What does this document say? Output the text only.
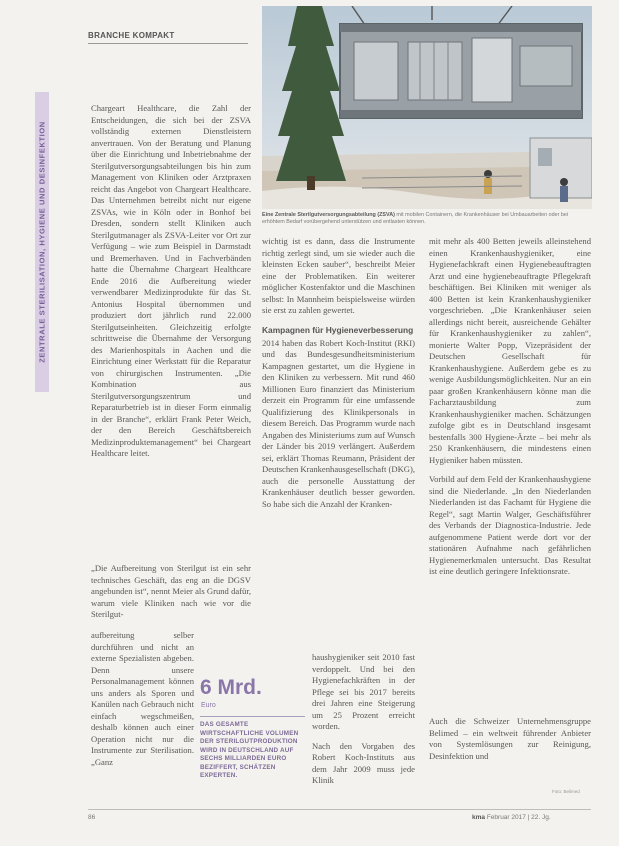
BRANCHE KOMPAKT
ZENTRALE STERILISATION, HYGIENE UND DESINFEKTION	Eine Zentrale Sterilgutversorgungsabteilung (ZSVA) mit mobilen Containern, die Krankenhäuser bei Umbauarbeiten oder bei erhöhtem Bedarf vorübergehend unterstützen und entlasten können.

Chargeart Healthcare, die Zahl der Entscheidungen, die sich bei der ZSVA vollständig externen Dienstleistern anvertrauen. Von der Beratung und Planung über die Einrichtung und Inbetriebnahme der Sterilgutversorgungsabteilungen bis hin zum Management von Kliniken oder Arztpraxen reicht das Angebot von Chargeart Healthcare. Das Unternehmen betreibt nicht nur eigene ZSVAs, wie in Köln oder in Bonhof bei Dresden, sondern stellt Kliniken auch Sterilgutmanager als ZSVA-Leiter vor Ort zur Verfügung – wie zum Beispiel in Darmstadt und Bremerhaven. Und in Fachverbänden hatte die Übernahme Chargeart Healthcare Ende 2016 die Aufbereitung wieder verwendbarer Medizinprodukte für das St. Antonius Hospital übernommen und produziert dort jährlich rund 22.000 Sterilgutseinheiten. Gleichzeitig erfolgte schrittweise die Übernahme der Versorgung des Marienhospitals in Aachen und die Einrichtung einer Werkstatt für die Reparatur von chirurgischen Instrumenten. „Die Kombination aus Sterilgutversorgungszentrum und Reparaturbetrieb ist in dieser Form einmalig in der Branche“, erklärt Frank Peter Weich, der den Bereich Geschäftsbereich Medizinproduktemanagement“ bei Chargeart Healthcare leitet.

„Die Aufbereitung von Sterilgut ist ein sehr technisches Geschäft, das eng an die DGSV angebunden ist“, nennt Meier als Grund dafür, warum viele Kliniken nach wie vor die Sterilgut-

aufbereitung selber durchführen und nicht an externe Spezialisten abgeben. Denn unsere Personalmanagement können uns anders als Sporen und Kanülen nach Gebrauch nicht einfach wegschmeißen, deshalb können auch einer Operation nicht nur die Instrumente zur Sterilisation. „Ganz

wichtig ist es dann, dass die Instrumente richtig zerlegt sind, um sie wieder auch die kleinsten Ecken sauber“, beschreibt Meier eine der Problematiken. Ein weiterer möglicher Kostenfaktor und die Maschinen selbst: In Mannheim beispielsweise würden sie erst zu zahlen gewertet.

Kampagnen für Hygieneverbesserung

2014 haben das Robert Koch-Institut (RKI) und das Bundesgesundheitsministerium Kampagnen gestartet, um die Hygiene in den Kliniken zu verbessern. Mit rund 460 Millionen Euro finanziert das Ministerium derzeit ein Programm für eine umfassende Qualifizierung des Klinikpersonals in diesem Bereich. Das Programm wurde nach Angaben des Ministeriums zum auf Wunsch der Länder bis 2019 verlängert. Außerdem sei, erklärt Thomas Reumann, Präsident der Deutschen Krankenhausgesellschaft (DKG), auch die personelle Ausstattung der Krankenhäuser deutlich besser geworden. So habe sich die Anzahl der Kranken-

haushygieniker seit 2010 fast verdoppelt. Und bei den Hygienefachkräften in der Pflege sei bis 2017 bereits drei Jahren eine Steigerung um 25 Prozent erreicht worden.

Nach den Vorgaben des Robert Koch-Instituts aus dem Jahr 2009 muss jede Klinik

mit mehr als 400 Betten jeweils alleinstehend einen Krankenhaushygieniker, eine Hygienefachkraft einen Hygienebeauftragten Arzt und eine hygienebeauftragte Pflegekraft beschäftigen. Bei Kliniken mit weniger als 400 Betten ist kein Krankenhaushygieniker vorgeschrieben. „Die Krankenhäuser seien allerdings nicht bereit, ausreichende Gehälter für Krankenhaushygieniker zu zahlen“, monierte Walter Popp, Vizepräsident der Deutschen Gesellschaft für Krankenhaushygiene. Außerdem gebe es zu wenige Ausbildungsmöglichkeiten. Nur an ein paar großen Krankenhäusern könne man die Facharztausbildung zum Krankenhaushygieniker machen. Schätzungen zufolge gibt es in Deutschland insgesamt bestenfalls 300 Hygiene-Ärzte – bei mehr als 250 Krankenhäusern, die mindestens einen Hygieniker haben müssten.

Vorbild auf dem Feld der Krankenhaushygiene sind die Niederlande. „In den Niederlanden Niederlanden ist das Fachamt für Hygiene die Regel“, sagt Martin Walger, Geschäftsführer des Verbands der Diagnostica-Industrie. Jede aufgenommene Patient werde dort vor der stationären Aufnahme nach gefährlichen Hygienemerkmalen untersucht. Das Resultat ist eine deutlich geringere Infektionsrate.

Auch die Schweizer Unternehmensgruppe Belimed – ein weltweit führender Anbieter von Systemlösungen zur Reinigung, Desinfektion und

6 Mrd.
Euro
DAS GESAMTE WIRTSCHAFTLICHE VOLUMEN DER STERILGUTPRODUKTION WIRD IN DEUTSCHLAND AUF SECHS MILLIARDEN EURO BEZIFFERT, SCHÄTZEN EXPERTEN.
Foto: Belimed
86	kma Februar 2017 | 22. Jg.
